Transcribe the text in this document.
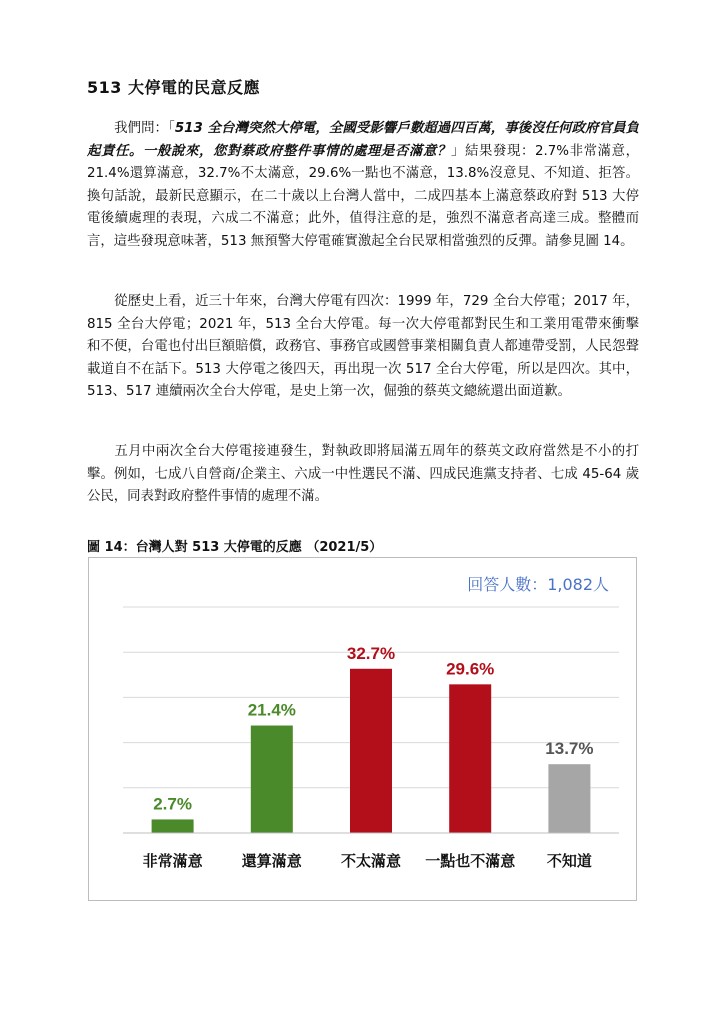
513 大停電的民意反應
我們問：「513 全台灣突然大停電，全國受影響戶數超過四百萬，事後沒任何政府官員負起責任。一般說來，您對蔡政府整件事情的處理是否滿意？」結果發現：2.7%非常滿意，21.4%還算滿意，32.7%不太滿意，29.6%一點也不滿意，13.8%沒意見、不知道、拒答。換句話說，最新民意顯示，在二十歲以上台灣人當中，二成四基本上滿意蔡政府對 513 大停電後續處理的表現，六成二不滿意；此外，值得注意的是，強烈不滿意者高達三成。整體而言，這些發現意味著，513 無預警大停電確實激起全台民眾相當強烈的反彈。請參見圖 14。
從歷史上看，近三十年來，台灣大停電有四次：1999 年，729 全台大停電；2017 年，815 全台大停電；2021 年，513 全台大停電。每一次大停電都對民生和工業用電帶來衝擊和不便，台電也付出巨額賠償，政務官、事務官或國營事業相關負責人都連帶受罰，人民怨聲載道自不在話下。513 大停電之後四天，再出現一次 517 全台大停電，所以是四次。其中，513、517 連續兩次全台大停電，是史上第一次，倔強的蔡英文總統還出面道歉。
五月中兩次全台大停電接連發生，對執政即將屆滿五周年的蔡英文政府當然是不小的打擊。例如，七成八自營商/企業主、六成一中性選民不滿、四成民進黨支持者、七成 45-64 歲公民，同表對政府整件事情的處理不滿。
圖 14：台灣人對 513 大停電的反應 （2021/5）
回答人數：1,082人
2.7%
非常滿意
21.4%
還算滿意
32.7%
不太滿意
29.6%
一點也不滿意
13.7%
不知道
